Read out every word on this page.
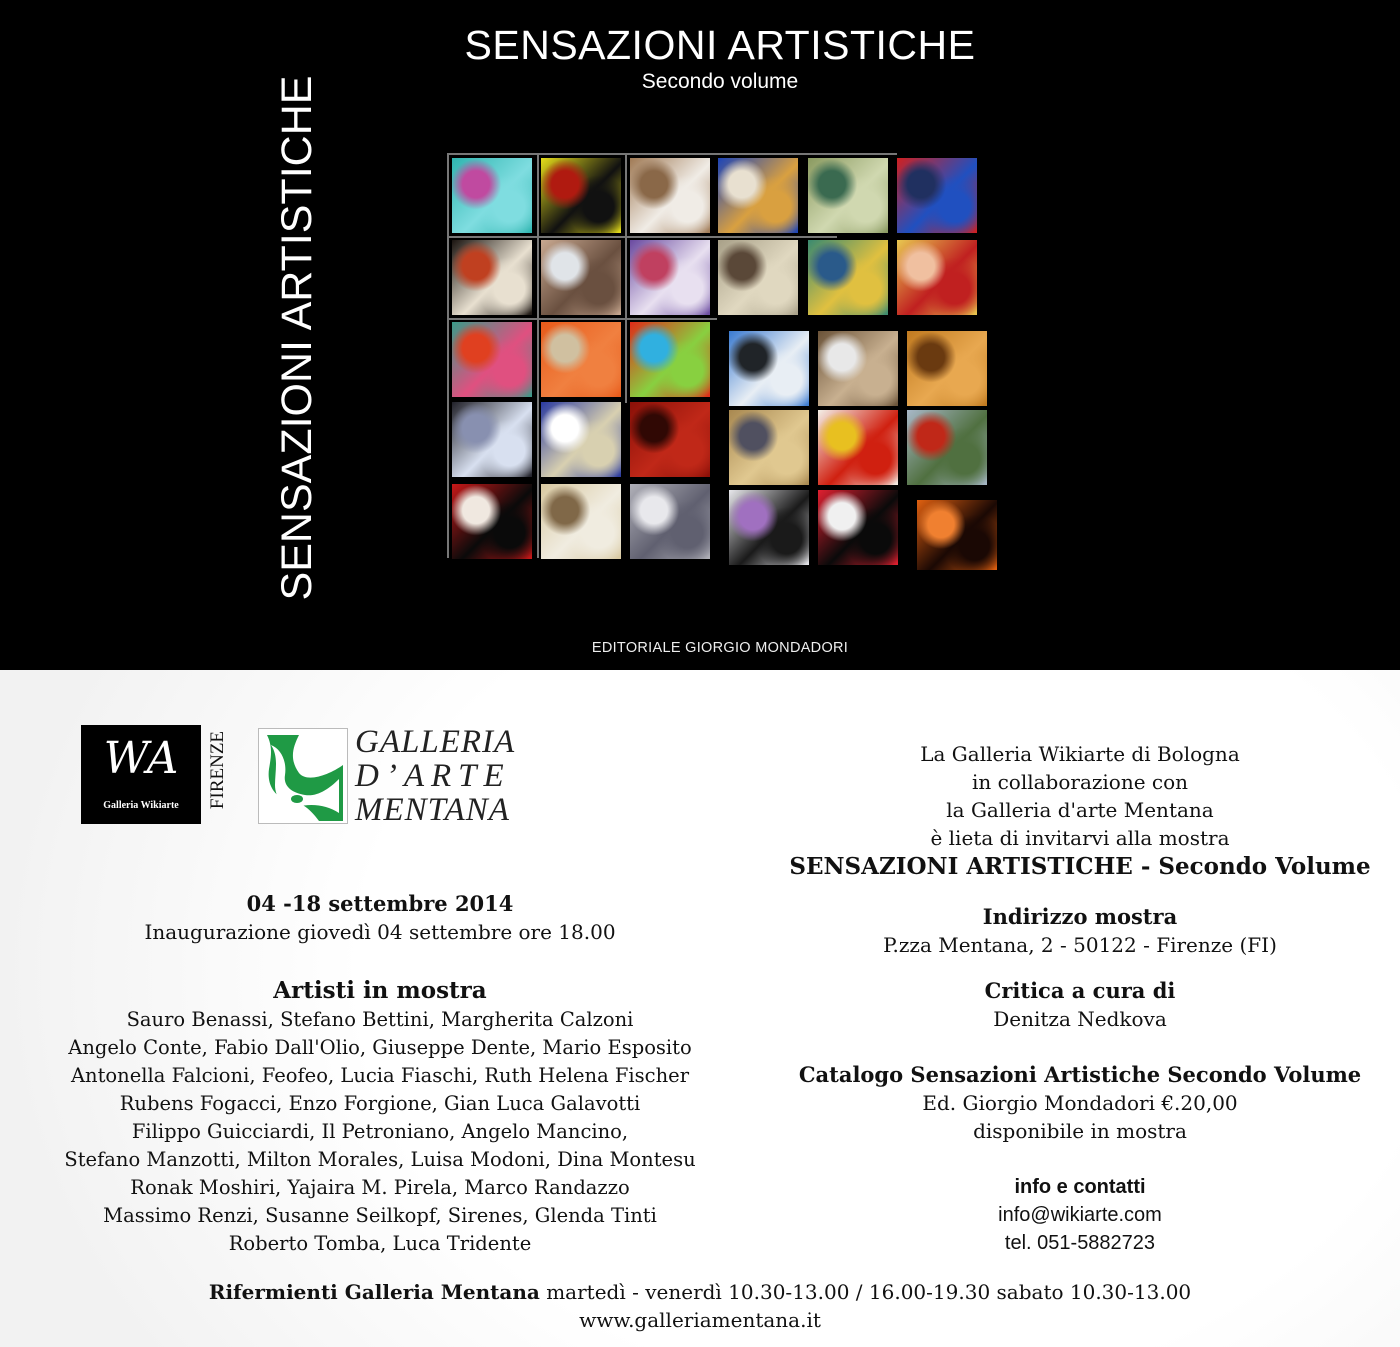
SENSAZIONI ARTISTICHE
Secondo volume
SENSAZIONI ARTISTICHE
EDITORIALE GIORGIO MONDADORI
WA
Galleria Wikiarte	FIRENZE	GALLERIA
D’ARTE
MENTANA
04 -18 settembre 2014
Inaugurazione giovedì 04 settembre ore 18.00
Artisti in mostra
Sauro Benassi, Stefano Bettini, Margherita Calzoni
Angelo Conte, Fabio Dall'Olio, Giuseppe Dente, Mario Esposito
Antonella Falcioni, Feofeo, Lucia Fiaschi, Ruth Helena Fischer
Rubens Fogacci, Enzo Forgione, Gian Luca Galavotti
Filippo Guicciardi, Il Petroniano, Angelo Mancino,
Stefano Manzotti, Milton Morales, Luisa Modoni, Dina Montesu
Ronak Moshiri, Yajaira M. Pirela, Marco Randazzo
Massimo Renzi, Susanne Seilkopf, Sirenes, Glenda Tinti
Roberto Tomba, Luca Tridente
La Galleria Wikiarte di Bologna
in collaborazione con
la Galleria d'arte Mentana
è lieta di invitarvi alla mostra
SENSAZIONI ARTISTICHE - Secondo Volume
Indirizzo mostra
P.zza Mentana, 2 - 50122 - Firenze (FI)
Critica a cura di
Denitza Nedkova
Catalogo Sensazioni Artistiche Secondo Volume
Ed. Giorgio Mondadori €.20,00
disponibile in mostra
info e contatti
info@wikiarte.com
tel. 051-5882723
Rifermienti Galleria Mentana martedì - venerdì 10.30-13.00 / 16.00-19.30 sabato 10.30-13.00
www.galleriamentana.it
